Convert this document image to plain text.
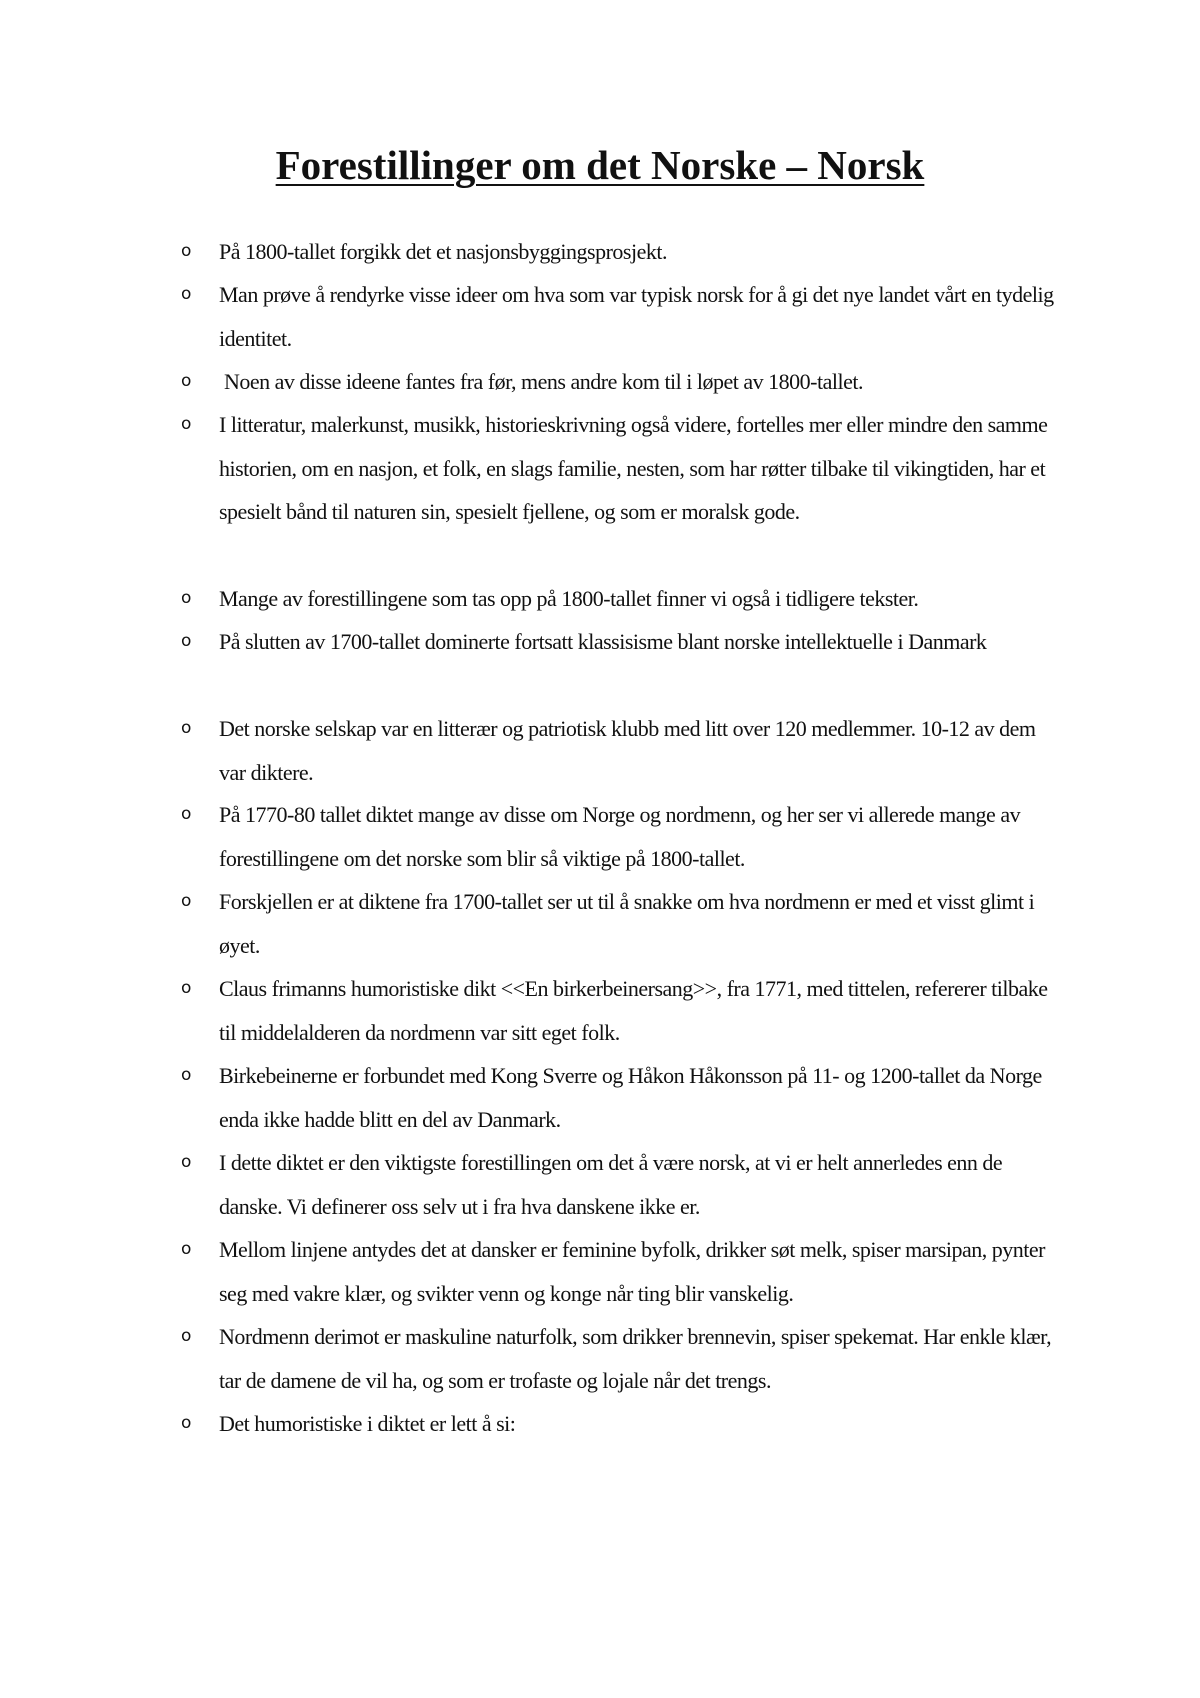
Forestillinger om det Norske – Norsk
o På 1800-tallet forgikk det et nasjonsbyggingsprosjekt.
o Man prøve å rendyrke visse ideer om hva som var typisk norsk for å gi det nye landet vårt en tydelig identitet.
o Noen av disse ideene fantes fra før, mens andre kom til i løpet av 1800-tallet.
o I litteratur, malerkunst, musikk, historieskrivning også videre, fortelles mer eller mindre den samme historien, om en nasjon, et folk, en slags familie, nesten, som har røtter tilbake til vikingtiden, har et spesielt bånd til naturen sin, spesielt fjellene, og som er moralsk gode.
o Mange av forestillingene som tas opp på 1800-tallet finner vi også i tidligere tekster.
o På slutten av 1700-tallet dominerte fortsatt klassisisme blant norske intellektuelle i Danmark
o Det norske selskap var en litterær og patriotisk klubb med litt over 120 medlemmer. 10-12 av dem var diktere.
o På 1770-80 tallet diktet mange av disse om Norge og nordmenn, og her ser vi allerede mange av forestillingene om det norske som blir så viktige på 1800-tallet.
o Forskjellen er at diktene fra 1700-tallet ser ut til å snakke om hva nordmenn er med et visst glimt i øyet.
o Claus frimanns humoristiske dikt <<En birkerbeinersang>>, fra 1771, med tittelen, refererer tilbake til middelalderen da nordmenn var sitt eget folk.
o Birkebeinerne er forbundet med Kong Sverre og Håkon Håkonsson på 11- og 1200-tallet da Norge enda ikke hadde blitt en del av Danmark.
o I dette diktet er den viktigste forestillingen om det å være norsk, at vi er helt annerledes enn de danske. Vi definerer oss selv ut i fra hva danskene ikke er.
o Mellom linjene antydes det at dansker er feminine byfolk, drikker søt melk, spiser marsipan, pynter seg med vakre klær, og svikter venn og konge når ting blir vanskelig.
o Nordmenn derimot er maskuline naturfolk, som drikker brennevin, spiser spekemat. Har enkle klær, tar de damene de vil ha, og som er trofaste og lojale når det trengs.
o Det humoristiske i diktet er lett å si:
